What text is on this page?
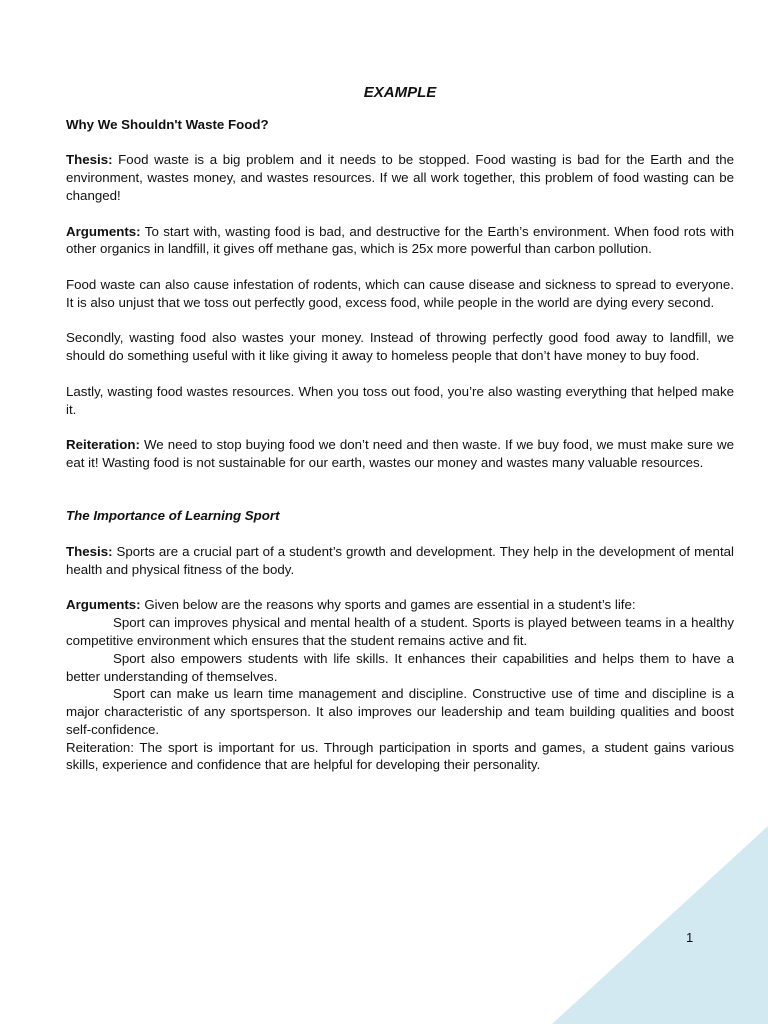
EXAMPLE

Why We Shouldn't Waste Food?

Thesis: Food waste is a big problem and it needs to be stopped. Food wasting is bad for the Earth and the environment, wastes money, and wastes resources. If we all work together, this problem of food wasting can be changed!

Arguments: To start with, wasting food is bad, and destructive for the Earth’s environment. When food rots with other organics in landfill, it gives off methane gas, which is 25x more powerful than carbon pollution.

Food waste can also cause infestation of rodents, which can cause disease and sickness to spread to everyone. It is also unjust that we toss out perfectly good, excess food, while people in the world are dying every second.

Secondly, wasting food also wastes your money. Instead of throwing perfectly good food away to landfill, we should do something useful with it like giving it away to homeless people that don’t have money to buy food.

Lastly, wasting food wastes resources. When you toss out food, you’re also wasting everything that helped make it.

Reiteration: We need to stop buying food we don’t need and then waste. If we buy food, we must make sure we eat it! Wasting food is not sustainable for our earth, wastes our money and wastes many valuable resources.

The Importance of Learning Sport

Thesis: Sports are a crucial part of a student’s growth and development. They help in the development of mental health and physical fitness of the body.

Arguments: Given below are the reasons why sports and games are essential in a student’s life:

Sport can improves physical and mental health of a student. Sports is played between teams in a healthy competitive environment which ensures that the student remains active and fit.

Sport also empowers students with life skills. It enhances their capabilities and helps them to have a better understanding of themselves.

Sport can make us learn time management and discipline. Constructive use of time and discipline is a major characteristic of any sportsperson. It also improves our leadership and team building qualities and boost self-confidence.

Reiteration: The sport is important for us. Through participation in sports and games, a student gains various skills, experience and confidence that are helpful for developing their personality.

1
